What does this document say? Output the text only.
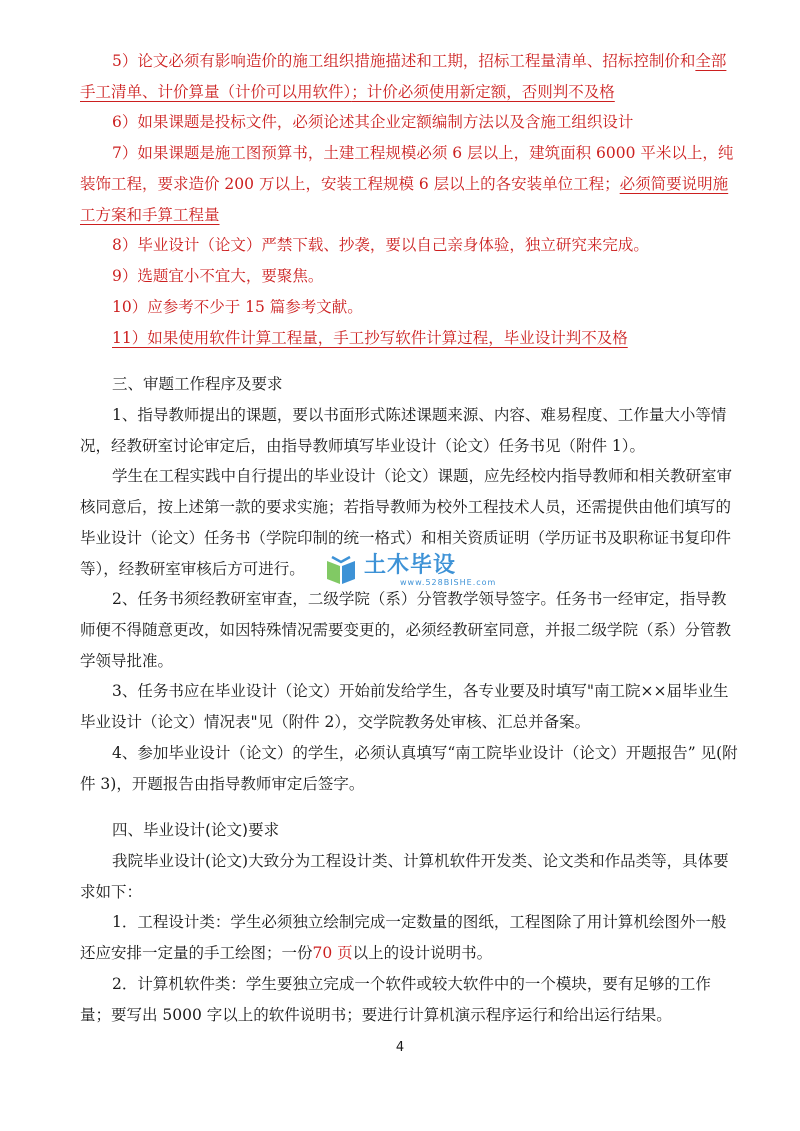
5）论文必须有影响造价的施工组织措施描述和工期，招标工程量清单、招标控制价和全部手工清单、计价算量（计价可以用软件）；计价必须使用新定额，否则判不及格

6）如果课题是投标文件，必须论述其企业定额编制方法以及含施工组织设计

7）如果课题是施工图预算书，土建工程规模必须 6 层以上，建筑面积 6000 平米以上，纯装饰工程，要求造价 200 万以上，安装工程规模 6 层以上的各安装单位工程；必须简要说明施工方案和手算工程量

8）毕业设计（论文）严禁下载、抄袭，要以自己亲身体验，独立研究来完成。

9）选题宜小不宜大，要聚焦。

10）应参考不少于 15 篇参考文献。

11）如果使用软件计算工程量，手工抄写软件计算过程，毕业设计判不及格

三、审题工作程序及要求

1、指导教师提出的课题，要以书面形式陈述课题来源、内容、难易程度、工作量大小等情况，经教研室讨论审定后，由指导教师填写毕业设计（论文）任务书见（附件 1）。

学生在工程实践中自行提出的毕业设计（论文）课题，应先经校内指导教师和相关教研室审核同意后，按上述第一款的要求实施；若指导教师为校外工程技术人员，还需提供由他们填写的毕业设计（论文）任务书（学院印制的统一格式）和相关资质证明（学历证书及职称证书复印件等），经教研室审核后方可进行。

2、任务书须经教研室审查，二级学院（系）分管教学领导签字。任务书一经审定，指导教师便不得随意更改，如因特殊情况需要变更的，必须经教研室同意，并报二级学院（系）分管教学领导批准。

3、任务书应在毕业设计（论文）开始前发给学生，各专业要及时填写"南工院××届毕业生毕业设计（论文）情况表"见（附件 2），交学院教务处审核、汇总并备案。

4、参加毕业设计（论文）的学生，必须认真填写“南工院毕业设计（论文）开题报告” 见(附件 3)，开题报告由指导教师审定后签字。

四、毕业设计(论文)要求

我院毕业设计(论文)大致分为工程设计类、计算机软件开发类、论文类和作品类等，具体要求如下：

1．工程设计类：学生必须独立绘制完成一定数量的图纸，工程图除了用计算机绘图外一般还应安排一定量的手工绘图；一份70 页以上的设计说明书。

2．计算机软件类：学生要独立完成一个软件或较大软件中的一个模块，要有足够的工作量；要写出 5000 字以上的软件说明书；要进行计算机演示程序运行和给出运行结果。

土木毕设
www.528BISHE.com
4
